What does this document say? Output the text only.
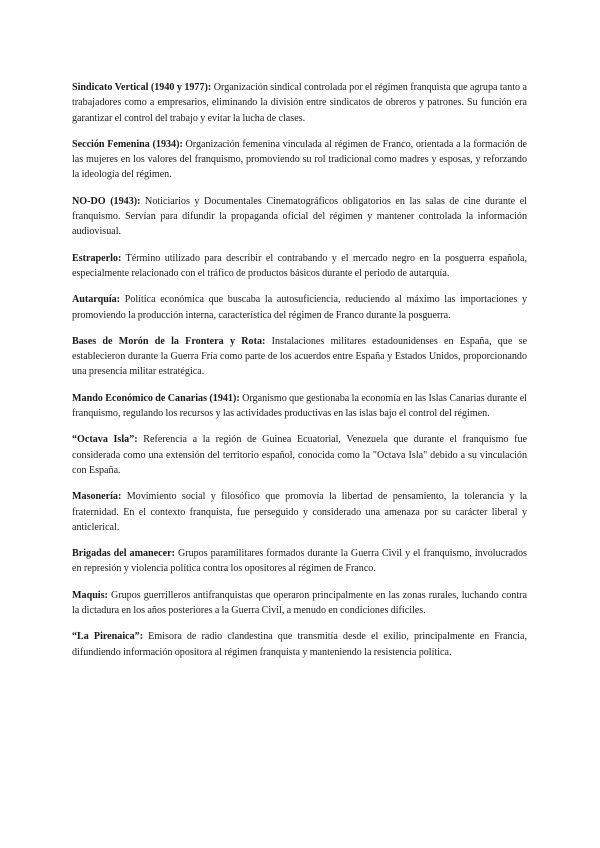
Sindicato Vertical (1940 y 1977): Organización sindical controlada por el régimen franquista que agrupa tanto a trabajadores como a empresarios, eliminando la división entre sindicatos de obreros y patrones. Su función era garantizar el control del trabajo y evitar la lucha de clases.

Sección Femenina (1934): Organización femenina vinculada al régimen de Franco, orientada a la formación de las mujeres en los valores del franquismo, promoviendo su rol tradicional como madres y esposas, y reforzando la ideología del régimen.

NO-DO (1943): Noticiarios y Documentales Cinematográficos obligatorios en las salas de cine durante el franquismo. Servían para difundir la propaganda oficial del régimen y mantener controlada la información audiovisual.

Estraperlo: Término utilizado para describir el contrabando y el mercado negro en la posguerra española, especialmente relacionado con el tráfico de productos básicos durante el periodo de autarquía.

Autarquía: Política económica que buscaba la autosuficiencia, reduciendo al máximo las importaciones y promoviendo la producción interna, característica del régimen de Franco durante la posguerra.

Bases de Morón de la Frontera y Rota: Instalaciones militares estadounidenses en España, que se establecieron durante la Guerra Fría como parte de los acuerdos entre España y Estados Unidos, proporcionando una presencia militar estratégica.

Mando Económico de Canarias (1941): Organismo que gestionaba la economía en las Islas Canarias durante el franquismo, regulando los recursos y las actividades productivas en las islas bajo el control del régimen.

“Octava Isla”: Referencia a la región de Guinea Ecuatorial, Venezuela que durante el franquismo fue considerada como una extensión del territorio español, conocida como la "Octava Isla" debido a su vinculación con España.

Masonería: Movimiento social y filosófico que promovía la libertad de pensamiento, la tolerancia y la fraternidad. En el contexto franquista, fue perseguido y considerado una amenaza por su carácter liberal y anticlerical.

Brigadas del amanecer: Grupos paramilitares formados durante la Guerra Civil y el franquismo, involucrados en represión y violencia política contra los opositores al régimen de Franco.

Maquis: Grupos guerrilleros antifranquistas que operaron principalmente en las zonas rurales, luchando contra la dictadura en los años posteriores a la Guerra Civil, a menudo en condiciones difíciles.

“La Pirenaica”: Emisora de radio clandestina que transmitía desde el exilio, principalmente en Francia, difundiendo información opositora al régimen franquista y manteniendo la resistencia política.
